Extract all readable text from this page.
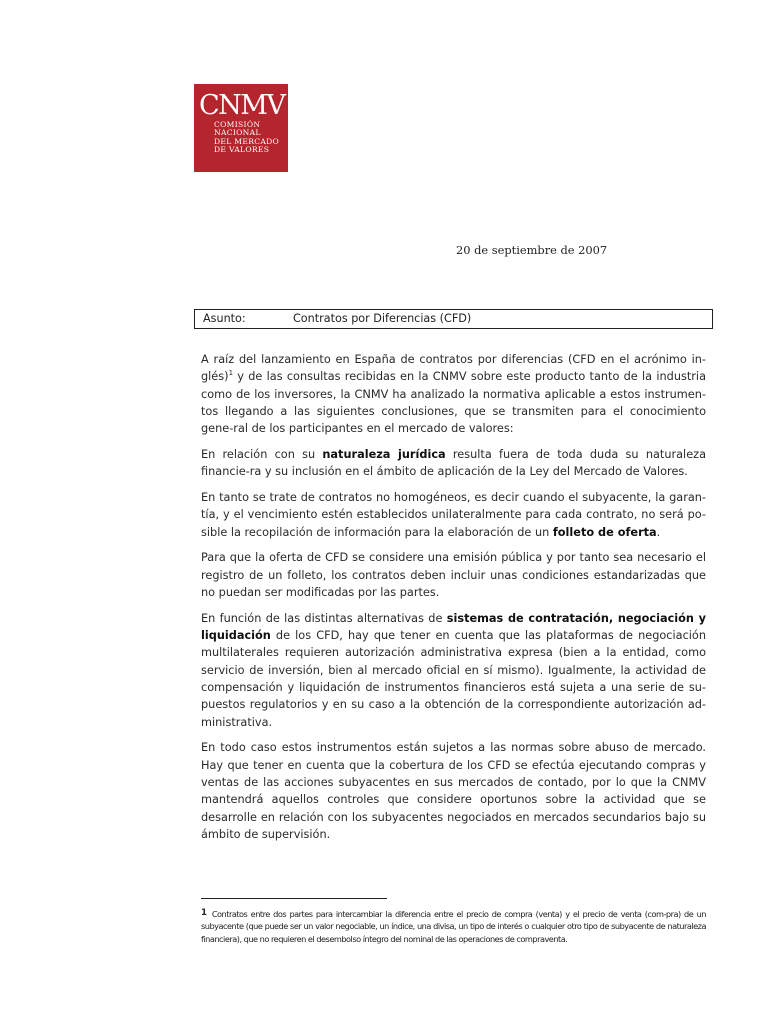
CNMV
COMISIÓN
NACIONAL
DEL MERCADO
DE VALORES
20 de septiembre de 2007
Asunto:	Contratos por Diferencias (CFD)

A raíz del lanzamiento en España de contratos por diferencias (CFD en el acrónimo in-glés)$^1$ y de las consultas recibidas en la CNMV sobre este producto tanto de la industria como de los inversores, la CNMV ha analizado la normativa aplicable a estos instrumen-tos llegando a las siguientes conclusiones, que se transmiten para el conocimiento gene-ral de los participantes en el mercado de valores:

En relación con su naturaleza jurídica resulta fuera de toda duda su naturaleza financie-ra y su inclusión en el ámbito de aplicación de la Ley del Mercado de Valores.

En tanto se trate de contratos no homogéneos, es decir cuando el subyacente, la garan-tía, y el vencimiento estén establecidos unilateralmente para cada contrato, no será po-sible la recopilación de información para la elaboración de un folleto de oferta.

Para que la oferta de CFD se considere una emisión pública y por tanto sea necesario el registro de un folleto, los contratos deben incluir unas condiciones estandarizadas que no puedan ser modificadas por las partes.

En función de las distintas alternativas de sistemas de contratación, negociación y liquidación de los CFD, hay que tener en cuenta que las plataformas de negociación multilaterales requieren autorización administrativa expresa (bien a la entidad, como servicio de inversión, bien al mercado oficial en sí mismo). Igualmente, la actividad de compensación y liquidación de instrumentos financieros está sujeta a una serie de su-puestos regulatorios y en su caso a la obtención de la correspondiente autorización ad-ministrativa.

En todo caso estos instrumentos están sujetos a las normas sobre abuso de mercado. Hay que tener en cuenta que la cobertura de los CFD se efectúa ejecutando compras y ventas de las acciones subyacentes en sus mercados de contado, por lo que la CNMV mantendrá aquellos controles que considere oportunos sobre la actividad que se desarrolle en relación con los subyacentes negociados en mercados secundarios bajo su ámbito de supervisión.

1 Contratos entre dos partes para intercambiar la diferencia entre el precio de compra (venta) y el precio de venta (com-pra) de un subyacente (que puede ser un valor negociable, un índice, una divisa, un tipo de interés o cualquier otro tipo de subyacente de naturaleza financiera), que no requieren el desembolso íntegro del nominal de las operaciones de compraventa.
